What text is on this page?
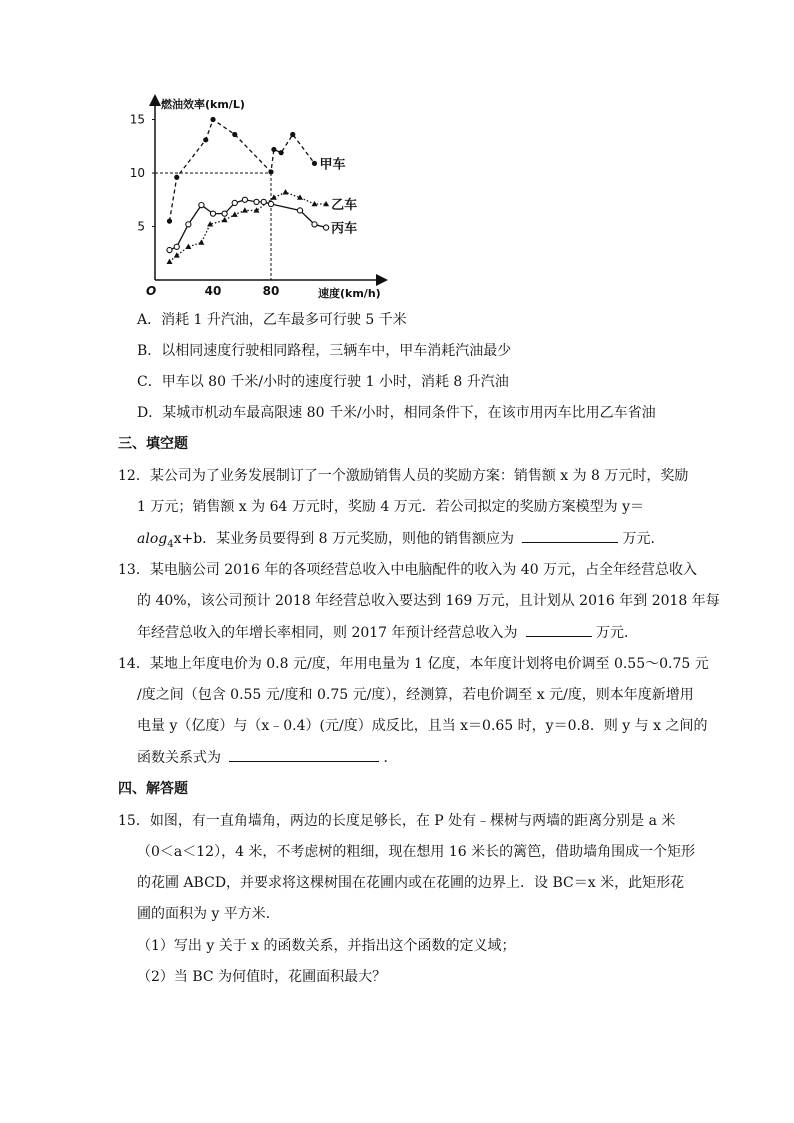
5
10
15
40	80
甲车
乙车
丙车
燃油效率(km/L)
速度(km/h)
O
A．消耗 1 升汽油，乙车最多可行驶 5 千米
B．以相同速度行驶相同路程，三辆车中，甲车消耗汽油最少
C．甲车以 80 千米/小时的速度行驶 1 小时，消耗 8 升汽油
D．某城市机动车最高限速 80 千米/小时，相同条件下，在该市用丙车比用乙车省油
三、填空题
12．某公司为了业务发展制订了一个激励销售人员的奖励方案：销售额 x 为 8 万元时，奖励
1 万元；销售额 x 为 64 万元时，奖励 4 万元．若公司拟定的奖励方案模型为 y＝
alog$_4$x+b．某业务员要得到 8 万元奖励，则他的销售额应为	万元．
13．某电脑公司 2016 年的各项经营总收入中电脑配件的收入为 40 万元，占全年经营总收入
的 40%，该公司预计 2018 年经营总收入要达到 169 万元，且计划从 2016 年到 2018 年每
年经营总收入的年增长率相同，则 2017 年预计经营总收入为	万元．
14．某地上年度电价为 0.8 元/度，年用电量为 1 亿度，本年度计划将电价调至 0.55～0.75 元
/度之间（包含 0.55 元/度和 0.75 元/度），经测算，若电价调至 x 元/度，则本年度新增用
电量 y（亿度）与（x﹣0.4）(元/度）成反比，且当 x＝0.65 时，y＝0.8．则 y 与 x 之间的
函数关系式为	．
四、解答题
15．如图，有一直角墙角，两边的长度足够长，在 P 处有﹣棵树与两墙的距离分别是 a 米
（0＜a＜12），4 米，不考虑树的粗细，现在想用 16 米长的篱笆，借助墙角围成一个矩形
的花圃 ABCD，并要求将这棵树围在花圃内或在花圃的边界上．设 BC＝x 米，此矩形花
圃的面积为 y 平方米．
（1）写出 y 关于 x 的函数关系，并指出这个函数的定义域；
（2）当 BC 为何值时，花圃面积最大？
